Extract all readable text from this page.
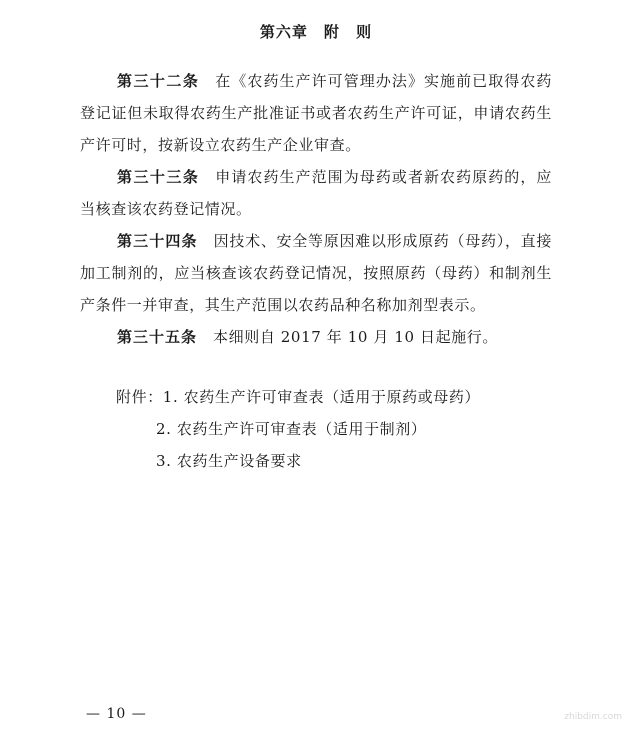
第六章　附 则
第三十二条 在《农药生产许可管理办法》实施前已取得农药登记证但未取得农药生产批准证书或者农药生产许可证，申请农药生产许可时，按新设立农药生产企业审查。
第三十三条 申请农药生产范围为母药或者新农药原药的，应当核查该农药登记情况。
第三十四条 因技术、安全等原因难以形成原药（母药），直接加工制剂的，应当核查该农药登记情况，按照原药（母药）和制剂生产条件一并审查，其生产范围以农药品种名称加剂型表示。
第三十五条 本细则自 2017 年 10 月 10 日起施行。
附件：1. 农药生产许可审查表（适用于原药或母药）
2. 农药生产许可审查表（适用于制剂）
3. 农药生产设备要求
— 10 —	zhibdim.com
